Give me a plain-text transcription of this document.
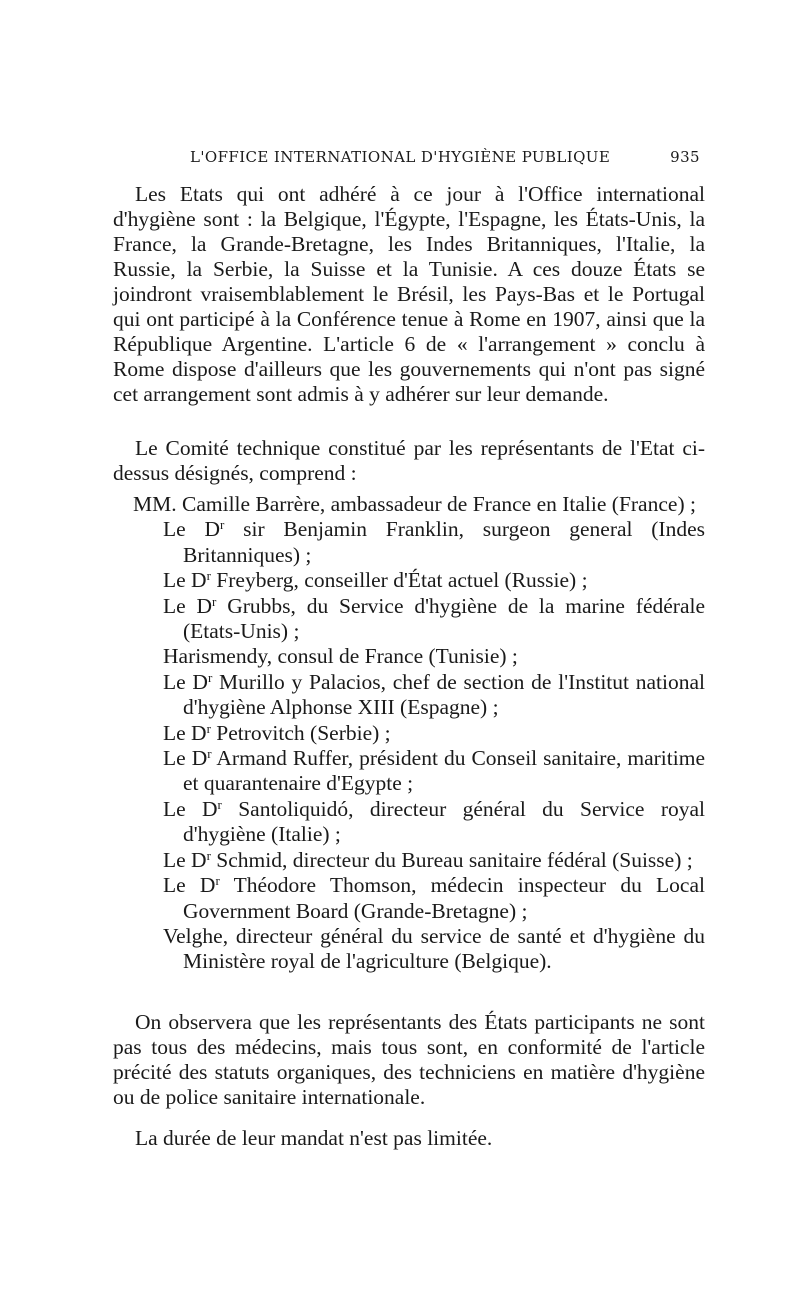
L'OFFICE INTERNATIONAL D'HYGIÈNE PUBLIQUE	935
Les Etats qui ont adhéré à ce jour à l'Office international d'hygiène sont : la Belgique, l'Égypte, l'Espagne, les États-Unis, la France, la Grande-Bretagne, les Indes Britanniques, l'Italie, la Russie, la Serbie, la Suisse et la Tunisie. A ces douze États se joindront vraisemblablement le Brésil, les Pays-Bas et le Portugal qui ont participé à la Conférence tenue à Rome en 1907, ainsi que la République Argentine. L'article 6 de « l'arrangement » conclu à Rome dispose d'ailleurs que les gouvernements qui n'ont pas signé cet arrangement sont admis à y adhérer sur leur demande.
Le Comité technique constitué par les représentants de l'Etat ci-dessus désignés, comprend :

MM. Camille Barrère, ambassadeur de France en Italie (France) ;

Le $D^r$ sir Benjamin Franklin, surgeon general (Indes Britanniques) ;

Le $D^r$ Freyberg, conseiller d'État actuel (Russie) ;

Le $D^r$ Grubbs, du Service d'hygiène de la marine fédérale (Etats-Unis) ;

Harismendy, consul de France (Tunisie) ;

Le $D^r$ Murillo y Palacios, chef de section de l'Institut national d'hygiène Alphonse XIII (Espagne) ;

Le $D^r$ Petrovitch (Serbie) ;

Le $D^r$ Armand Ruffer, président du Conseil sanitaire, maritime et quarantenaire d'Egypte ;

Le $D^r$ Santoliquidó, directeur général du Service royal d'hygiène (Italie) ;

Le $D^r$ Schmid, directeur du Bureau sanitaire fédéral (Suisse) ;

Le $D^r$ Théodore Thomson, médecin inspecteur du Local Government Board (Grande-Bretagne) ;

Velghe, directeur général du service de santé et d'hygiène du Ministère royal de l'agriculture (Belgique).

On observera que les représentants des États participants ne sont pas tous des médecins, mais tous sont, en conformité de l'article précité des statuts organiques, des techniciens en matière d'hygiène ou de police sanitaire internationale.
La durée de leur mandat n'est pas limitée.
